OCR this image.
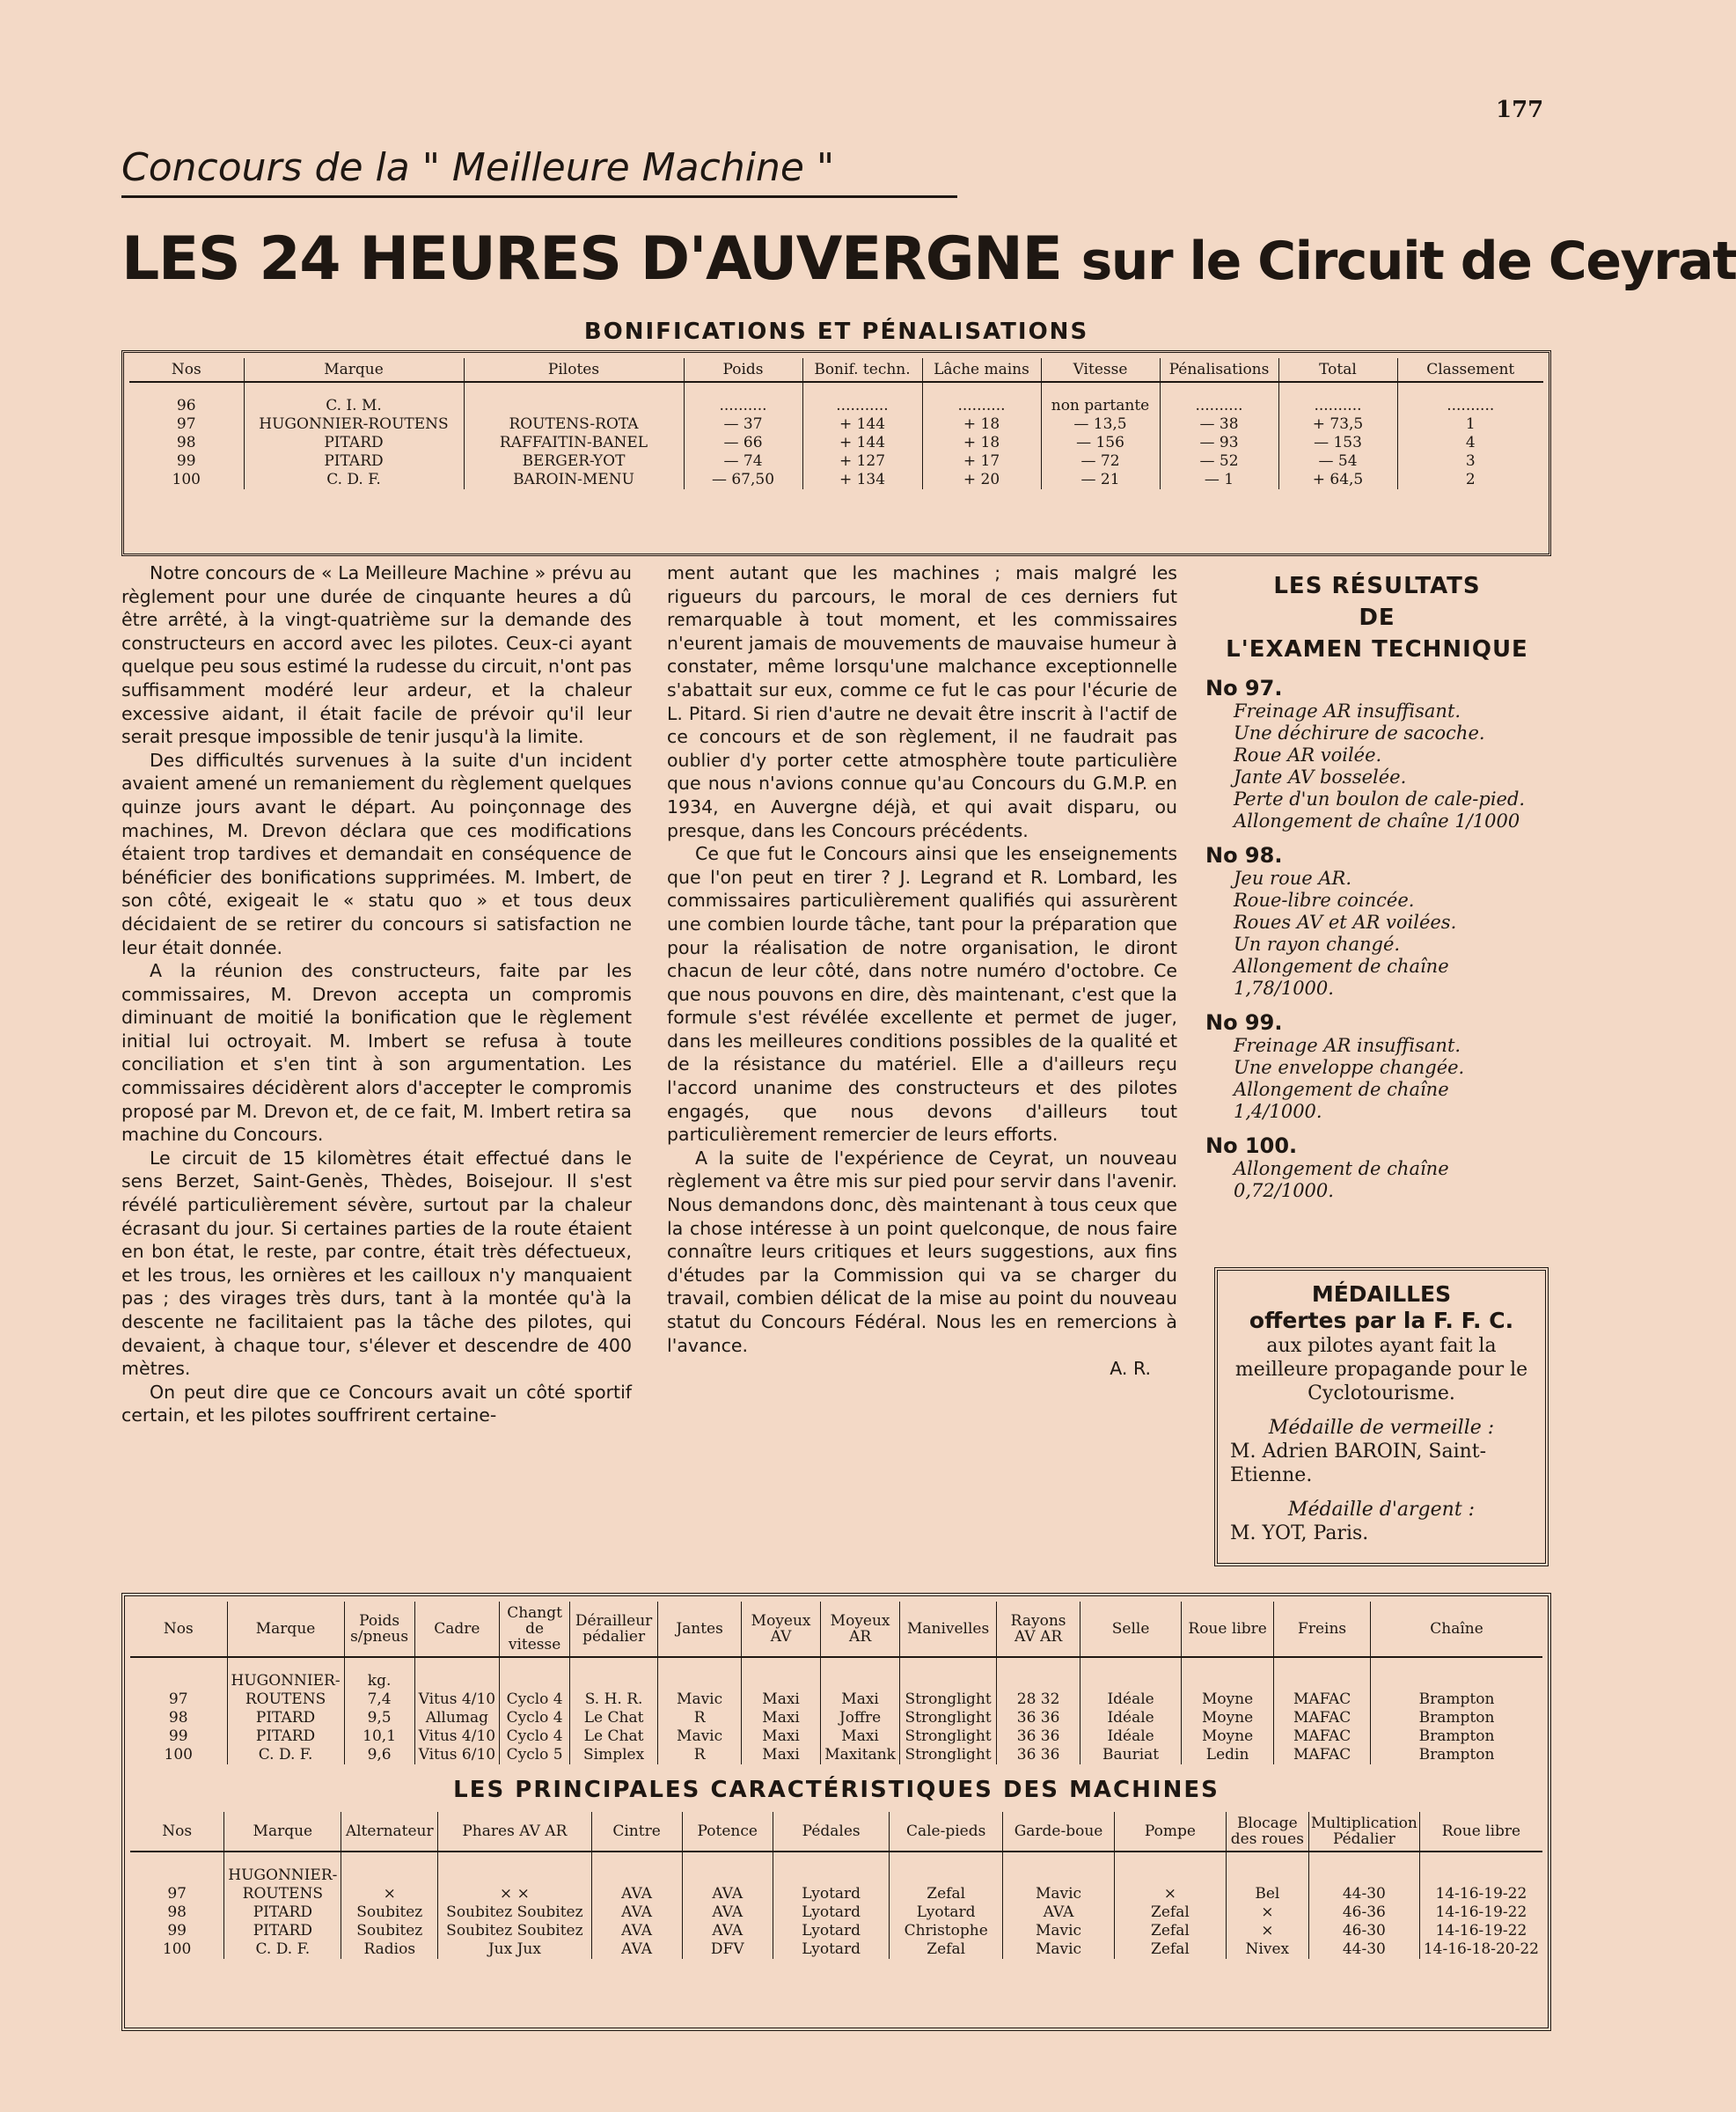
177
Concours de la " Meilleure Machine "
LES 24 HEURES D'AUVERGNE sur le Circuit de Ceyrat
BONIFICATIONS ET PÉNALISATIONS
Nos	Marque	Pilotes	Poids	Bonif. techn.	Lâche mains	Vitesse	Pénalisations	Total	Classement

96	C. I. M.		..........	...........	..........	non partante	..........	..........	..........
97	HUGONNIER-ROUTENS	ROUTENS-ROTA	— 37	+ 144	+ 18	— 13,5	— 38	+ 73,5	1
98	PITARD	RAFFAITIN-BANEL	— 66	+ 144	+ 18	— 156	— 93	— 153	4
99	PITARD	BERGER-YOT	— 74	+ 127	+ 17	— 72	— 52	— 54	3
100	C. D. F.	BAROIN-MENU	— 67,50	+ 134	+ 20	— 21	— 1	+ 64,5	2

Notre concours de « La Meilleure Machine » prévu au règlement pour une durée de cinquante heures a dû être arrêté, à la vingt-quatrième sur la demande des constructeurs en accord avec les pilotes. Ceux-ci ayant quelque peu sous estimé la rudesse du circuit, n'ont pas suffisamment modéré leur ardeur, et la chaleur excessive aidant, il était facile de prévoir qu'il leur serait presque impossible de tenir jusqu'à la limite.

Des difficultés survenues à la suite d'un incident avaient amené un remaniement du règlement quelques quinze jours avant le départ. Au poinçonnage des machines, M. Drevon déclara que ces modifications étaient trop tardives et demandait en conséquence de bénéficier des bonifications supprimées. M. Imbert, de son côté, exigeait le « statu quo » et tous deux décidaient de se retirer du concours si satisfaction ne leur était donnée.

A la réunion des constructeurs, faite par les commissaires, M. Drevon accepta un compromis diminuant de moitié la bonification que le règlement initial lui octroyait. M. Imbert se refusa à toute conciliation et s'en tint à son argumentation. Les commissaires décidèrent alors d'accepter le compromis proposé par M. Drevon et, de ce fait, M. Imbert retira sa machine du Concours.

Le circuit de 15 kilomètres était effectué dans le sens Berzet, Saint-Genès, Thèdes, Boisejour. Il s'est révélé particulièrement sévère, surtout par la chaleur écrasant du jour. Si certaines parties de la route étaient en bon état, le reste, par contre, était très défectueux, et les trous, les ornières et les cailloux n'y manquaient pas ; des virages très durs, tant à la montée qu'à la descente ne facilitaient pas la tâche des pilotes, qui devaient, à chaque tour, s'élever et descendre de 400 mètres.

On peut dire que ce Concours avait un côté sportif certain, et les pilotes souffrirent certaine-

ment autant que les machines ; mais malgré les rigueurs du parcours, le moral de ces derniers fut remarquable à tout moment, et les commissaires n'eurent jamais de mouvements de mauvaise humeur à constater, même lorsqu'une malchance exceptionnelle s'abattait sur eux, comme ce fut le cas pour l'écurie de L. Pitard. Si rien d'autre ne devait être inscrit à l'actif de ce concours et de son règlement, il ne faudrait pas oublier d'y porter cette atmosphère toute particulière que nous n'avions connue qu'au Concours du G.M.P. en 1934, en Auvergne déjà, et qui avait disparu, ou presque, dans les Concours précédents.

Ce que fut le Concours ainsi que les enseignements que l'on peut en tirer ? J. Legrand et R. Lombard, les commissaires particulièrement qualifiés qui assurèrent une combien lourde tâche, tant pour la préparation que pour la réalisation de notre organisation, le diront chacun de leur côté, dans notre numéro d'octobre. Ce que nous pouvons en dire, dès maintenant, c'est que la formule s'est révélée excellente et permet de juger, dans les meilleures conditions possibles de la qualité et de la résistance du matériel. Elle a d'ailleurs reçu l'accord unanime des constructeurs et des pilotes engagés, que nous devons d'ailleurs tout particulièrement remercier de leurs efforts.

A la suite de l'expérience de Ceyrat, un nouveau règlement va être mis sur pied pour servir dans l'avenir. Nous demandons donc, dès maintenant à tous ceux que la chose intéresse à un point quelconque, de nous faire connaître leurs critiques et leurs suggestions, aux fins d'études par la Commission qui va se charger du travail, combien délicat de la mise au point du nouveau statut du Concours Fédéral. Nous les en remercions à l'avance.

A. R.

LES RÉSULTATS
DE
L'EXAMEN TECHNIQUE
No 97.
Freinage AR insuffisant.
Une déchirure de sacoche.
Roue AR voilée.
Jante AV bosselée.
Perte d'un boulon de cale-pied.
Allongement de chaîne 1/1000
No 98.
Jeu roue AR.
Roue-libre coincée.
Roues AV et AR voilées.
Un rayon changé.
Allongement de chaîne
1,78/1000.
No 99.
Freinage AR insuffisant.
Une enveloppe changée.
Allongement de chaîne
1,4/1000.
No 100.
Allongement de chaîne
0,72/1000.
MÉDAILLES
offertes par la F. F. C.
aux pilotes ayant fait la meilleure propagande pour le Cyclotourisme.
Médaille de vermeille :
M. Adrien BAROIN, Saint-Etienne.
Médaille d'argent :
M. YOT, Paris.
Nos	Marque	Poids s/pneus	Cadre	Changt de vitesse	Dérailleur pédalier	Jantes	Moyeux AV	Moyeux AR	Manivelles	Rayons AV AR	Selle	Roue libre	Freins	Chaîne

	HUGONNIER-	kg.												
97	ROUTENS	7,4	Vitus 4/10	Cyclo 4	S. H. R.	Mavic	Maxi	Maxi	Stronglight	28 32	Idéale	Moyne	MAFAC	Brampton
98	PITARD	9,5	Allumag	Cyclo 4	Le Chat	R	Maxi	Joffre	Stronglight	36 36	Idéale	Moyne	MAFAC	Brampton
99	PITARD	10,1	Vitus 4/10	Cyclo 4	Le Chat	Mavic	Maxi	Maxi	Stronglight	36 36	Idéale	Moyne	MAFAC	Brampton
100	C. D. F.	9,6	Vitus 6/10	Cyclo 5	Simplex	R	Maxi	Maxitank	Stronglight	36 36	Bauriat	Ledin	MAFAC	Brampton
LES PRINCIPALES CARACTÉRISTIQUES DES MACHINES
Nos	Marque	Alternateur	Phares AV AR	Cintre	Potence	Pédales	Cale-pieds	Garde-boue	Pompe	Blocage des roues	Multiplication Pédalier	Roue libre

	HUGONNIER-											
97	ROUTENS	×	× ×	AVA	AVA	Lyotard	Zefal	Mavic	×	Bel	44-30	14-16-19-22
98	PITARD	Soubitez	Soubitez Soubitez	AVA	AVA	Lyotard	Lyotard	AVA	Zefal	×	46-36	14-16-19-22
99	PITARD	Soubitez	Soubitez Soubitez	AVA	AVA	Lyotard	Christophe	Mavic	Zefal	×	46-30	14-16-19-22
100	C. D. F.	Radios	Jux Jux	AVA	DFV	Lyotard	Zefal	Mavic	Zefal	Nivex	44-30	14-16-18-20-22
